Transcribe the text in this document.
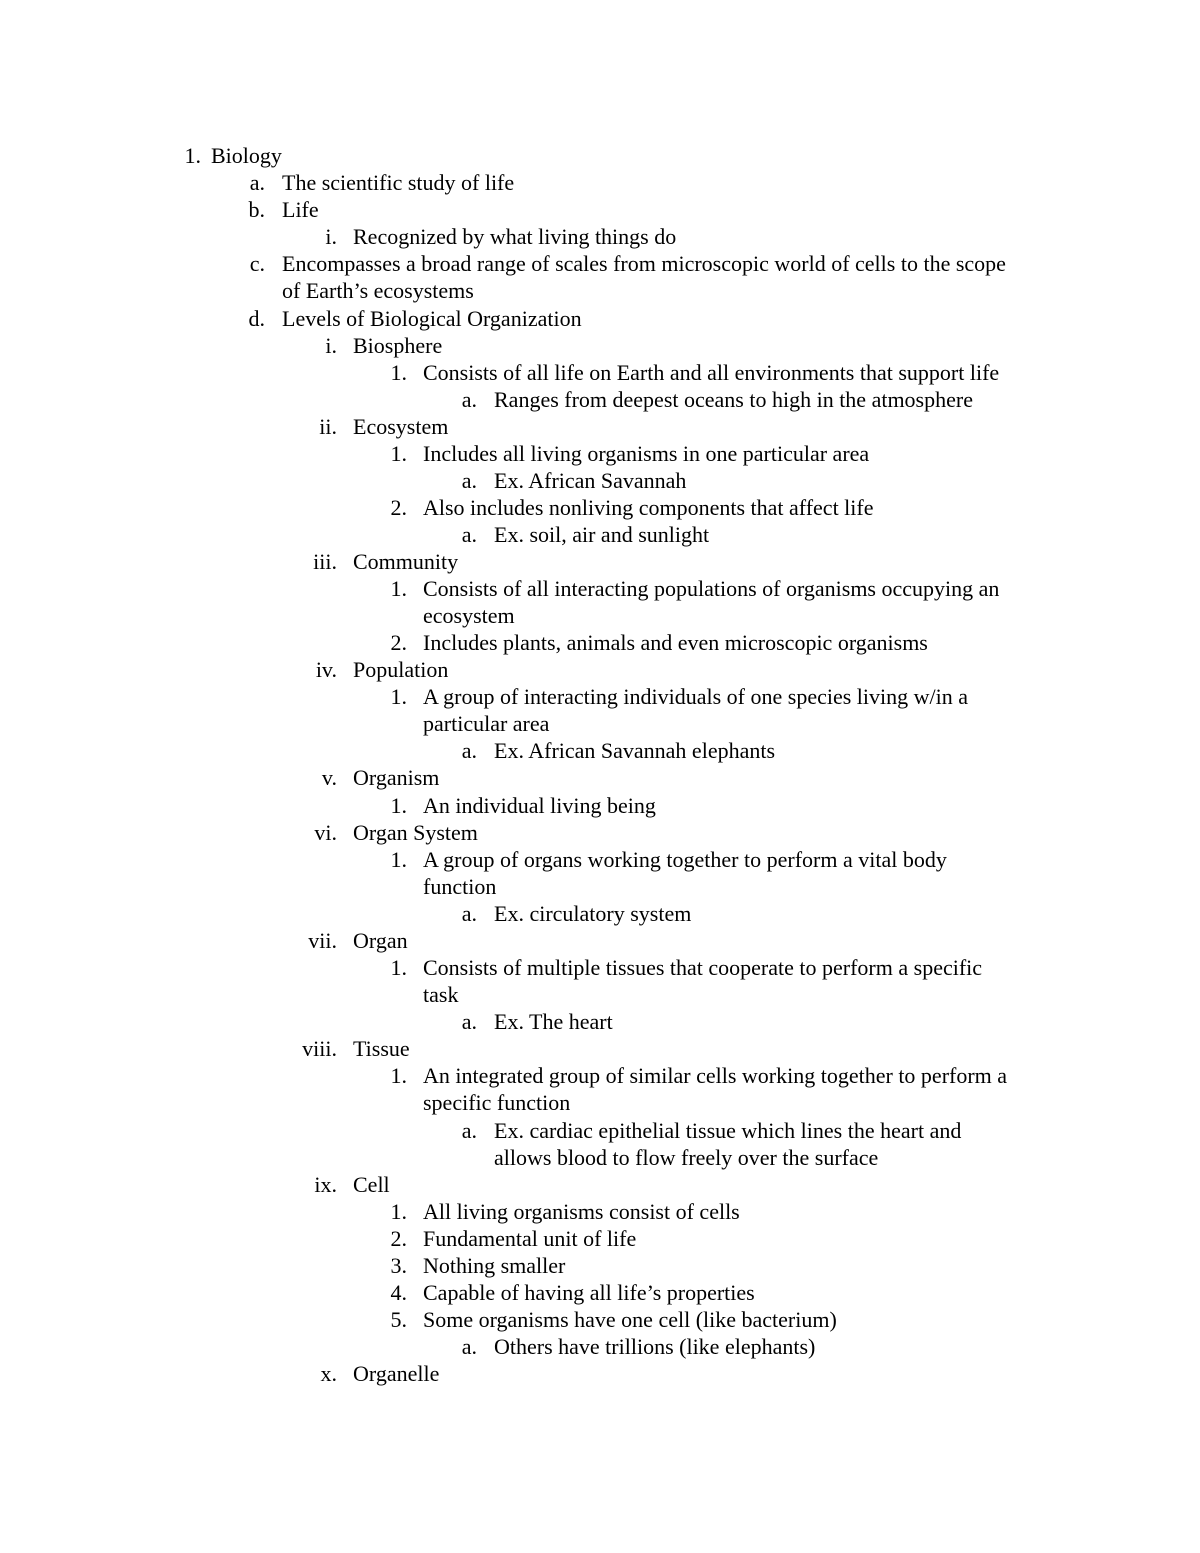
1. Biology
a. The scientific study of life
b. Life
i. Recognized by what living things do
c. Encompasses a broad range of scales from microscopic world of cells to the scope
of Earth’s ecosystems
d. Levels of Biological Organization
i. Biosphere
1. Consists of all life on Earth and all environments that support life
a. Ranges from deepest oceans to high in the atmosphere
ii. Ecosystem
1. Includes all living organisms in one particular area
a. Ex. African Savannah
2. Also includes nonliving components that affect life
a. Ex. soil, air and sunlight
iii. Community
1. Consists of all interacting populations of organisms occupying an
ecosystem
2. Includes plants, animals and even microscopic organisms
iv. Population
1. A group of interacting individuals of one species living w/in a
particular area
a. Ex. African Savannah elephants
v. Organism
1. An individual living being
vi. Organ System
1. A group of organs working together to perform a vital body
function
a. Ex. circulatory system
vii. Organ
1. Consists of multiple tissues that cooperate to perform a specific
task
a. Ex. The heart
viii. Tissue
1. An integrated group of similar cells working together to perform a
specific function
a. Ex. cardiac epithelial tissue which lines the heart and
allows blood to flow freely over the surface
ix. Cell
1. All living organisms consist of cells
2. Fundamental unit of life
3. Nothing smaller
4. Capable of having all life’s properties
5. Some organisms have one cell (like bacterium)
a. Others have trillions (like elephants)
x. Organelle
